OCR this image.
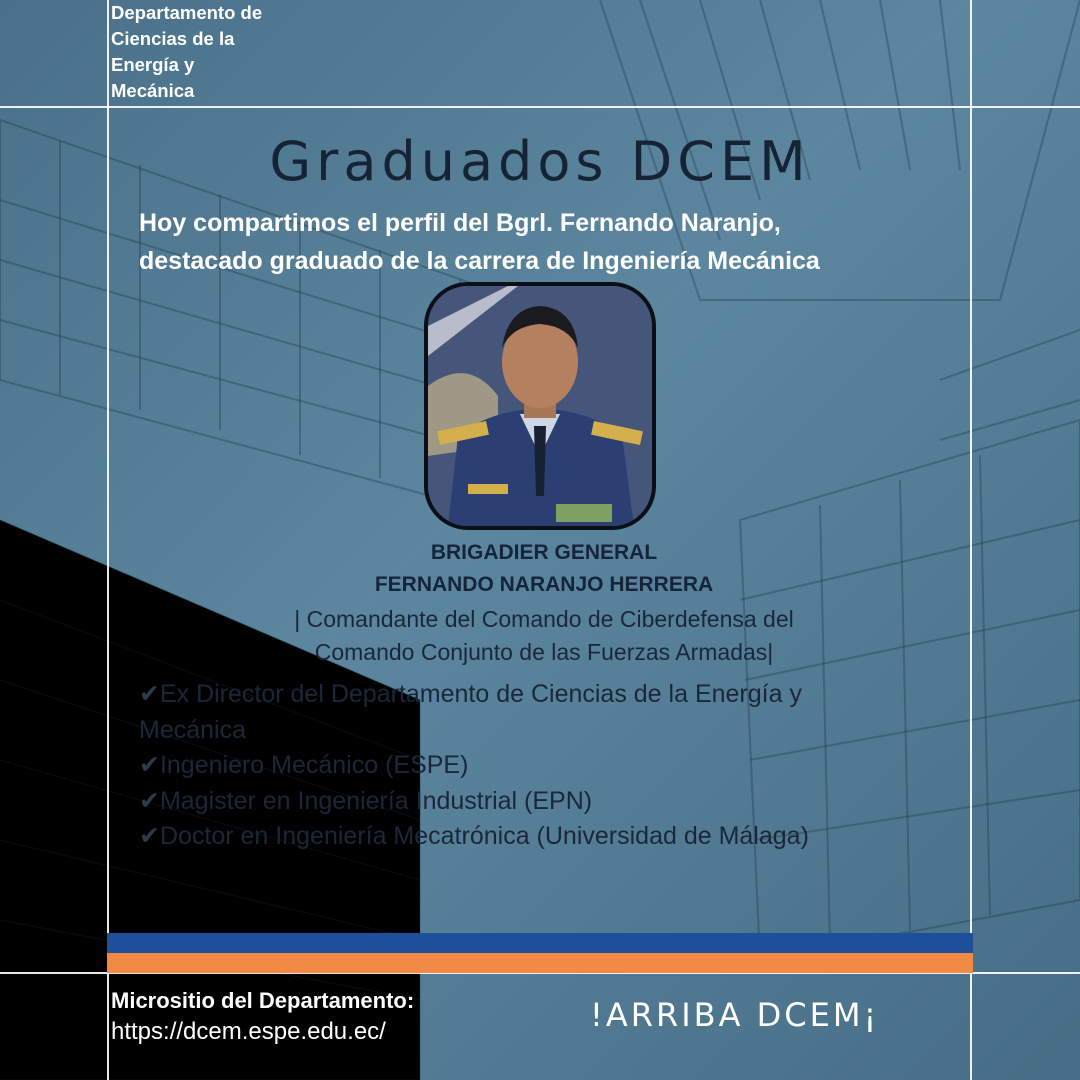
Departamento de
Ciencias de la
Energía y
Mecánica
Graduados DCEM
Hoy compartimos el perfil del Bgrl. Fernando Naranjo,
destacado graduado de la carrera de Ingeniería Mecánica
BRIGADIER GENERAL
FERNANDO NARANJO HERRERA
| Comandante del Comando de Ciberdefensa del
Comando Conjunto de las Fuerzas Armadas|
✔Ex Director del Departamento de Ciencias de la Energía y
Mecánica
✔Ingeniero Mecánico (ESPE)
✔Magister en Ingeniería Industrial (EPN)
✔Doctor en Ingeniería Mecatrónica (Universidad de Málaga)
Micrositio del Departamento:
https://dcem.espe.edu.ec/	!ARRIBA DCEM¡
